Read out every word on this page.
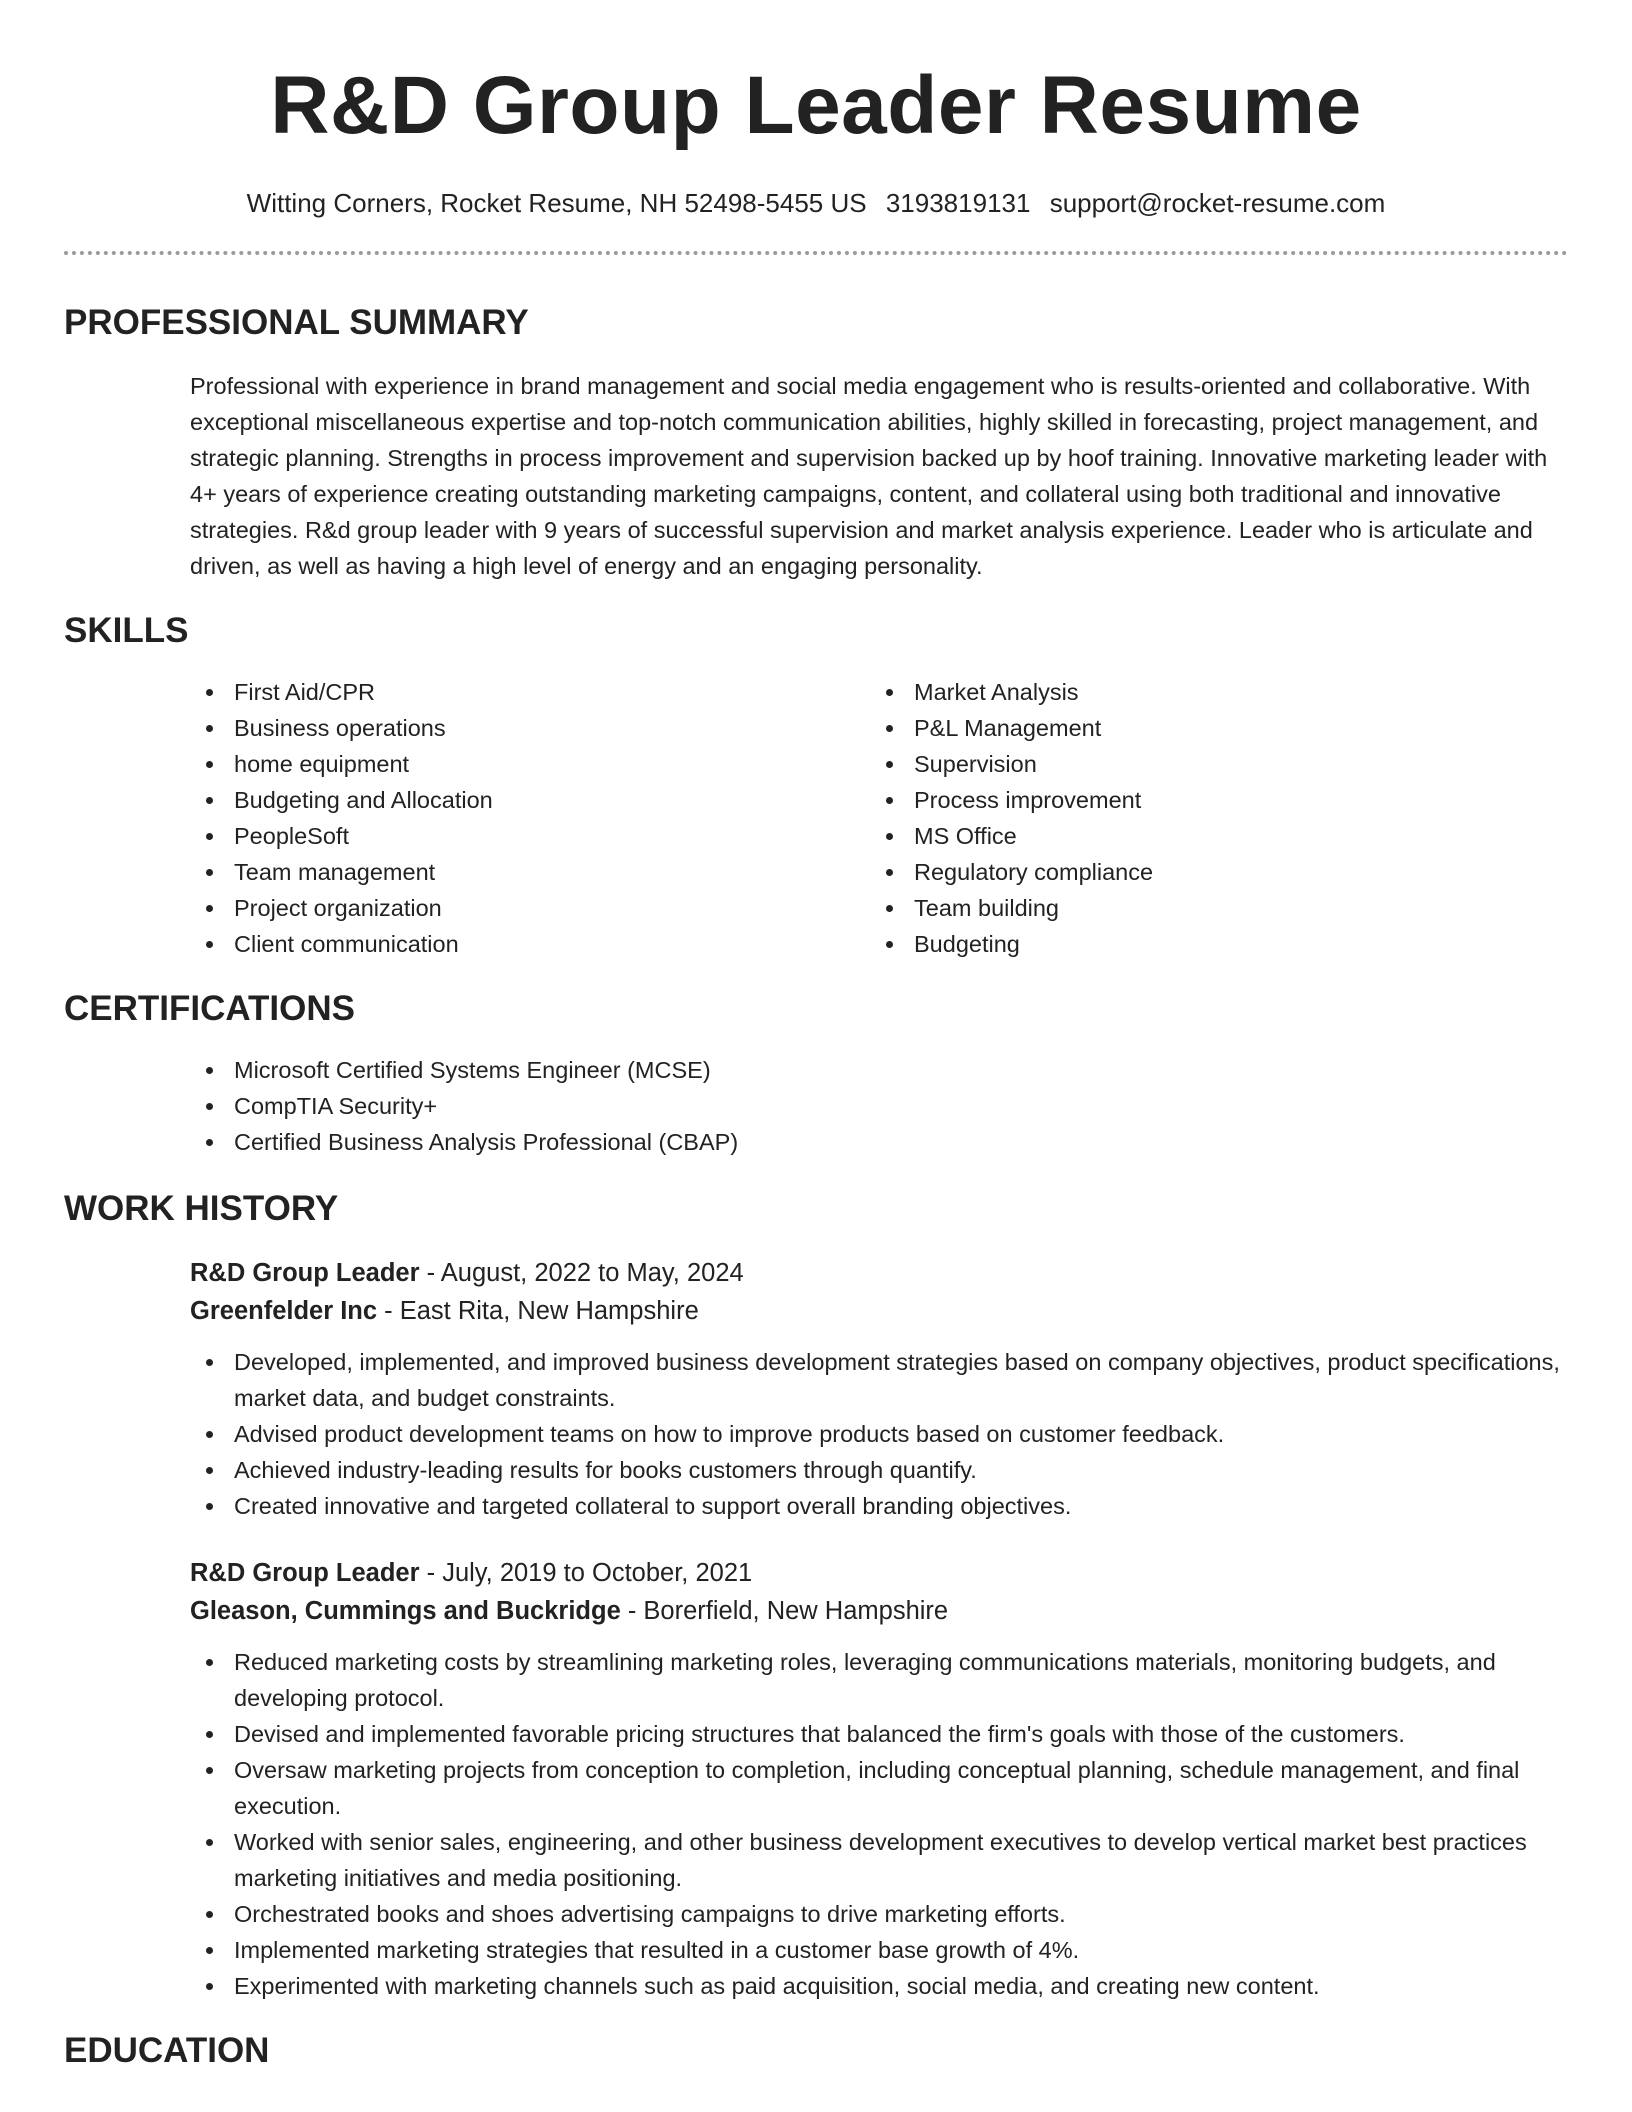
R&D Group Leader Resume
Witting Corners, Rocket Resume, NH 52498-5455 US 3193819131 support@rocket-resume.com
PROFESSIONAL SUMMARY

Professional with experience in brand management and social media engagement who is results-oriented and collaborative. With exceptional miscellaneous expertise and top-notch communication abilities, highly skilled in forecasting, project management, and strategic planning. Strengths in process improvement and supervision backed up by hoof training. Innovative marketing leader with 4+ years of experience creating outstanding marketing campaigns, content, and collateral using both traditional and innovative strategies. R&d group leader with 9 years of successful supervision and market analysis experience. Leader who is articulate and driven, as well as having a high level of energy and an engaging personality.

SKILLS
First Aid/CPR
Business operations
home equipment
Budgeting and Allocation
PeopleSoft
Team management
Project organization
Client communication
Market Analysis
P&L Management
Supervision
Process improvement
MS Office
Regulatory compliance
Team building
Budgeting
CERTIFICATIONS
Microsoft Certified Systems Engineer (MCSE)
CompTIA Security+
Certified Business Analysis Professional (CBAP)
WORK HISTORY
R&D Group Leader - August, 2022 to May, 2024
Greenfelder Inc - East Rita, New Hampshire
Developed, implemented, and improved business development strategies based on company objectives, product specifications, market data, and budget constraints.
Advised product development teams on how to improve products based on customer feedback.
Achieved industry-leading results for books customers through quantify.
Created innovative and targeted collateral to support overall branding objectives.
R&D Group Leader - July, 2019 to October, 2021
Gleason, Cummings and Buckridge - Borerfield, New Hampshire
Reduced marketing costs by streamlining marketing roles, leveraging communications materials, monitoring budgets, and developing protocol.
Devised and implemented favorable pricing structures that balanced the firm's goals with those of the customers.
Oversaw marketing projects from conception to completion, including conceptual planning, schedule management, and final execution.
Worked with senior sales, engineering, and other business development executives to develop vertical market best practices marketing initiatives and media positioning.
Orchestrated books and shoes advertising campaigns to drive marketing efforts.
Implemented marketing strategies that resulted in a customer base growth of 4%.
Experimented with marketing channels such as paid acquisition, social media, and creating new content.
EDUCATION
